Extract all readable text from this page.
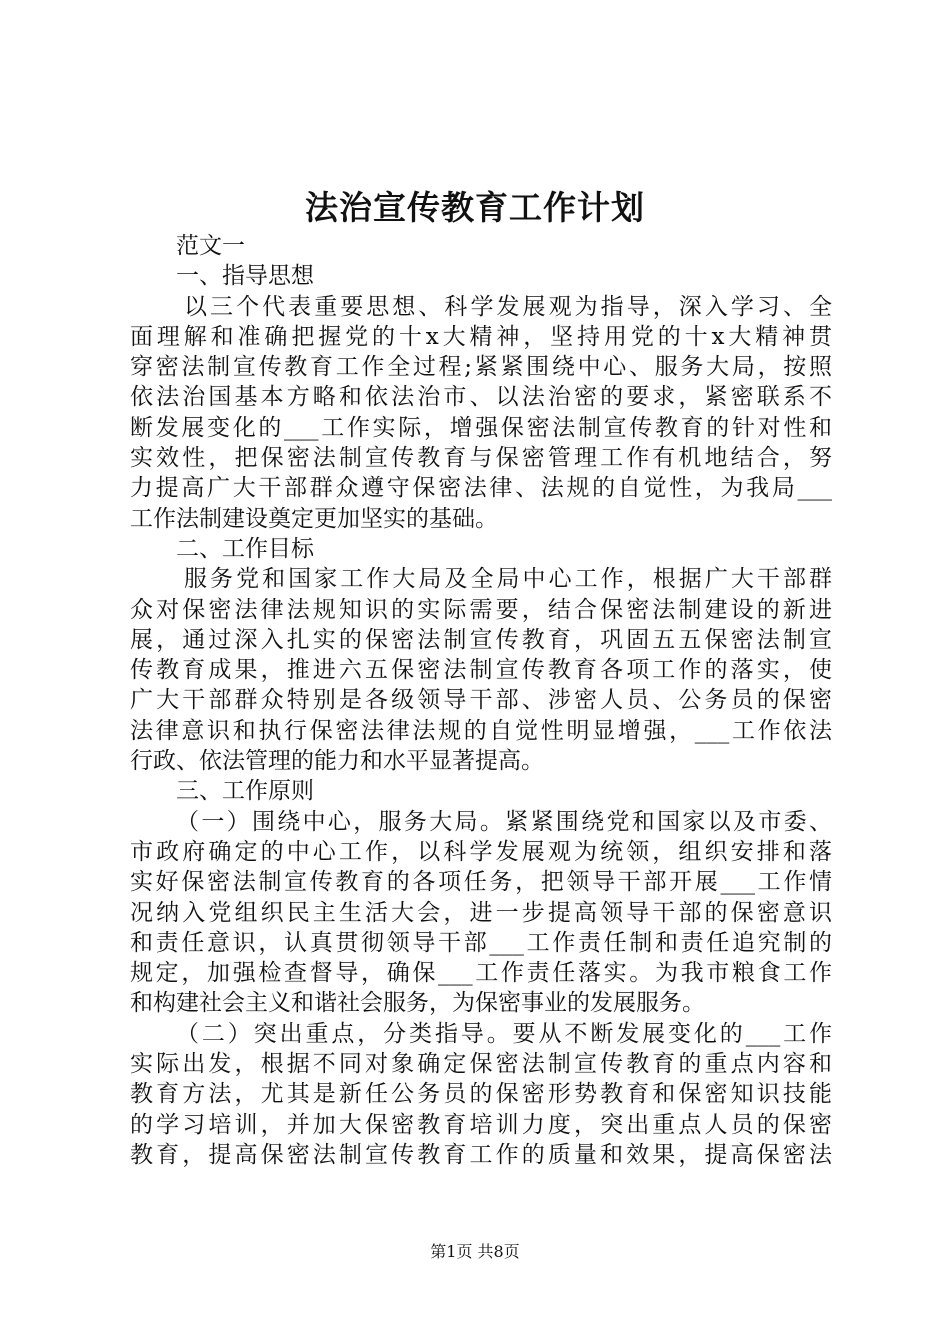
法治宣传教育工作计划
范文一
一、指导思想
以三个代表重要思想、科学发展观为指导，深入学习、全
面理解和准确把握党的十x大精神，坚持用党的十x大精神贯
穿密法制宣传教育工作全过程;紧紧围绕中心、服务大局，按照
依法治国基本方略和依法治市、以法治密的要求，紧密联系不
断发展变化的___工作实际，增强保密法制宣传教育的针对性和
实效性，把保密法制宣传教育与保密管理工作有机地结合，努
力提高广大干部群众遵守保密法律、法规的自觉性，为我局___
工作法制建设奠定更加坚实的基础。
二、工作目标
服务党和国家工作大局及全局中心工作，根据广大干部群
众对保密法律法规知识的实际需要，结合保密法制建设的新进
展，通过深入扎实的保密法制宣传教育，巩固五五保密法制宣
传教育成果，推进六五保密法制宣传教育各项工作的落实，使
广大干部群众特别是各级领导干部、涉密人员、公务员的保密
法律意识和执行保密法律法规的自觉性明显增强，___工作依法
行政、依法管理的能力和水平显著提高。
三、工作原则
（一）围绕中心，服务大局。紧紧围绕党和国家以及市委、
市政府确定的中心工作，以科学发展观为统领，组织安排和落
实好保密法制宣传教育的各项任务，把领导干部开展___工作情
况纳入党组织民主生活大会，进一步提高领导干部的保密意识
和责任意识，认真贯彻领导干部___工作责任制和责任追究制的
规定，加强检查督导，确保___工作责任落实。为我市粮食工作
和构建社会主义和谐社会服务，为保密事业的发展服务。
（二）突出重点，分类指导。要从不断发展变化的___工作
实际出发，根据不同对象确定保密法制宣传教育的重点内容和
教育方法，尤其是新任公务员的保密形势教育和保密知识技能
的学习培训，并加大保密教育培训力度，突出重点人员的保密
教育，提高保密法制宣传教育工作的质量和效果，提高保密法
第1页 共8页
